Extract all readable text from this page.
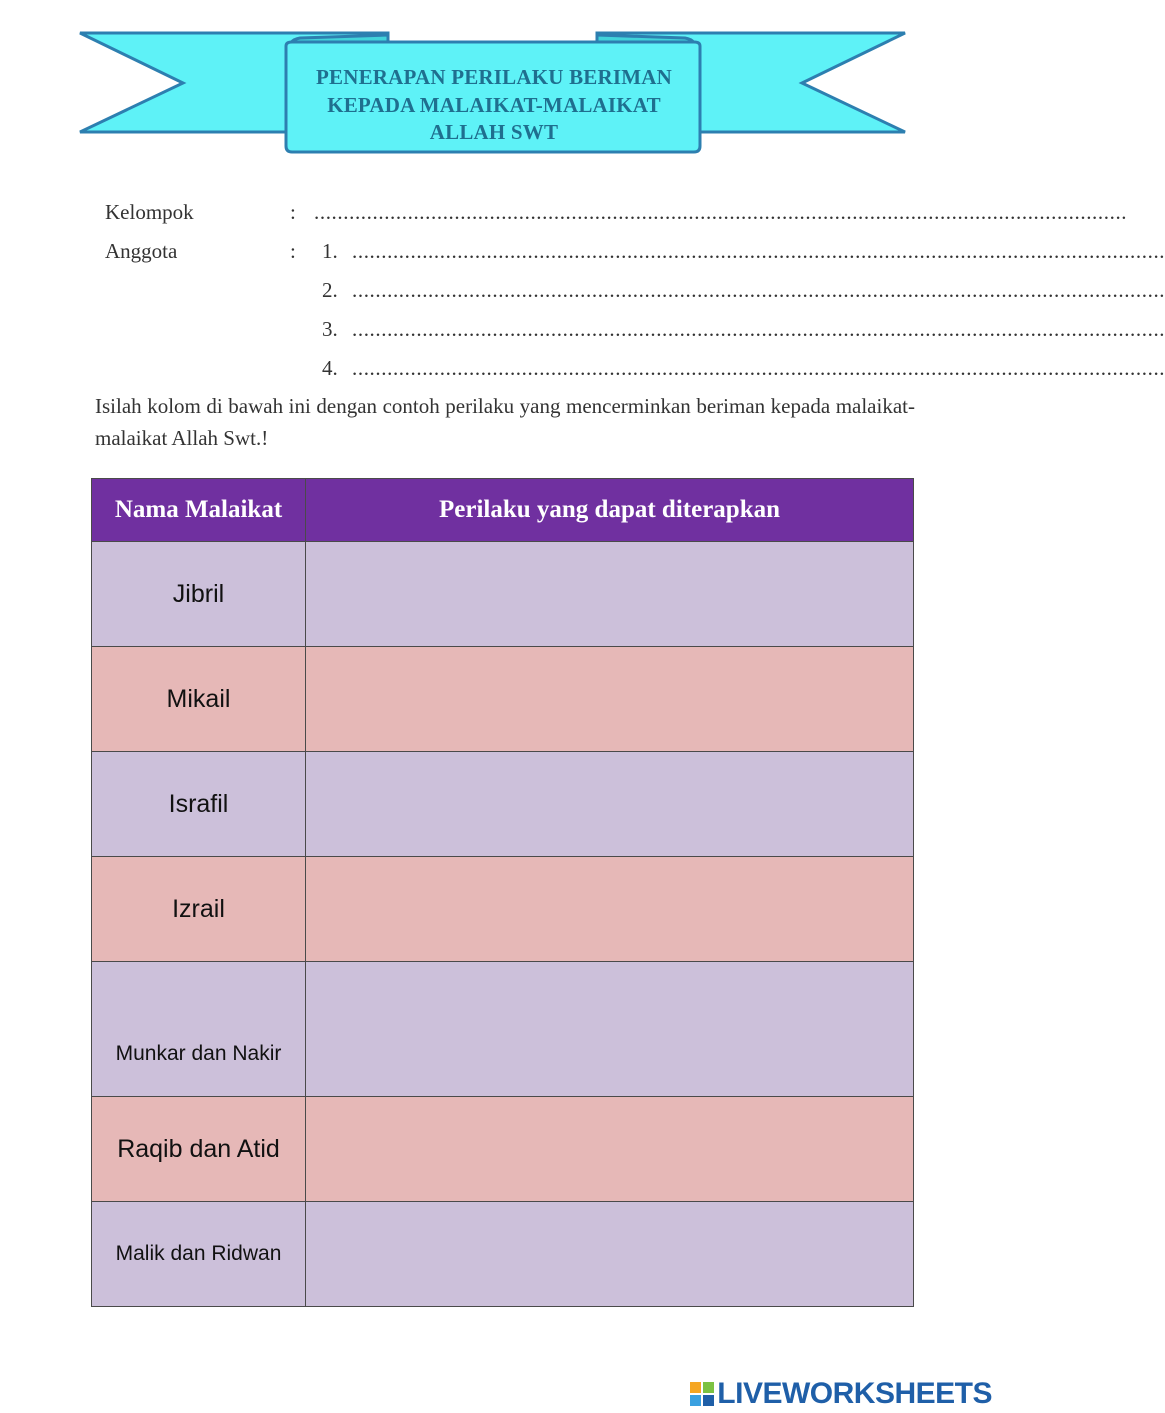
PENERAPAN PERILAKU BERIMAN
KEPADA MALAIKAT-MALAIKAT
ALLAH SWT
Kelompok	: ...........................................................................................................................................
Anggota	: 1. ...........................................................................................................................................
2. ...........................................................................................................................................
3. ...........................................................................................................................................
4. ...........................................................................................................................................
Isilah kolom di bawah ini dengan contoh perilaku yang mencerminkan beriman kepada malaikat-malaikat Allah Swt.!
Nama Malaikat	Perilaku yang dapat diterapkan
Jibril	
Mikail	
Israfil	
Izrail	
Munkar dan Nakir	
Raqib dan Atid	
Malik dan Ridwan	
LIVEWORKSHEETS
